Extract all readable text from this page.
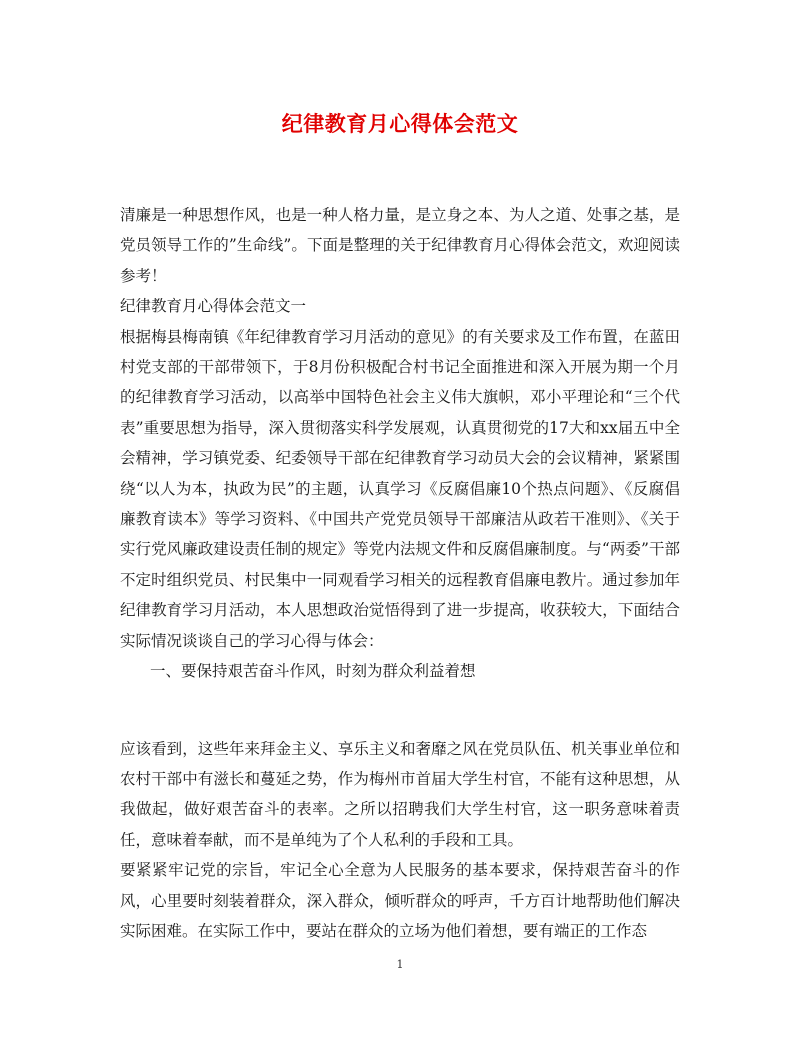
纪律教育月心得体会范文

清廉是一种思想作风，也是一种人格力量，是立身之本、为人之道、处事之基，是党员领导工作的”生命线”。下面是整理的关于纪律教育月心得体会范文，欢迎阅读参考！

纪律教育月心得体会范文一

根据梅县梅南镇《年纪律教育学习月活动的意见》的有关要求及工作布置，在蓝田村党支部的干部带领下，于8月份积极配合村书记全面推进和深入开展为期一个月的纪律教育学习活动，以高举中国特色社会主义伟大旗帜，邓小平理论和“三个代表”重要思想为指导，深入贯彻落实科学发展观，认真贯彻党的17大和xx届五中全会精神，学习镇党委、纪委领导干部在纪律教育学习动员大会的会议精神，紧紧围绕“以人为本，执政为民”的主题，认真学习《反腐倡廉10个热点问题》、《反腐倡廉教育读本》等学习资料、《中国共产党党员领导干部廉洁从政若干准则》、《关于实行党风廉政建设责任制的规定》等党内法规文件和反腐倡廉制度。与“两委”干部不定时组织党员、村民集中一同观看学习相关的远程教育倡廉电教片。通过参加年纪律教育学习月活动，本人思想政治觉悟得到了进一步提高，收获较大，下面结合实际情况谈谈自己的学习心得与体会：

一、要保持艰苦奋斗作风，时刻为群众利益着想

应该看到，这些年来拜金主义、享乐主义和奢靡之风在党员队伍、机关事业单位和农村干部中有滋长和蔓延之势，作为梅州市首届大学生村官，不能有这种思想，从我做起，做好艰苦奋斗的表率。之所以招聘我们大学生村官，这一职务意味着责任，意味着奉献，而不是单纯为了个人私利的手段和工具。

要紧紧牢记党的宗旨，牢记全心全意为人民服务的基本要求，保持艰苦奋斗的作风，心里要时刻装着群众，深入群众，倾听群众的呼声，千方百计地帮助他们解决实际困难。在实际工作中，要站在群众的立场为他们着想，要有端正的工作态

1
